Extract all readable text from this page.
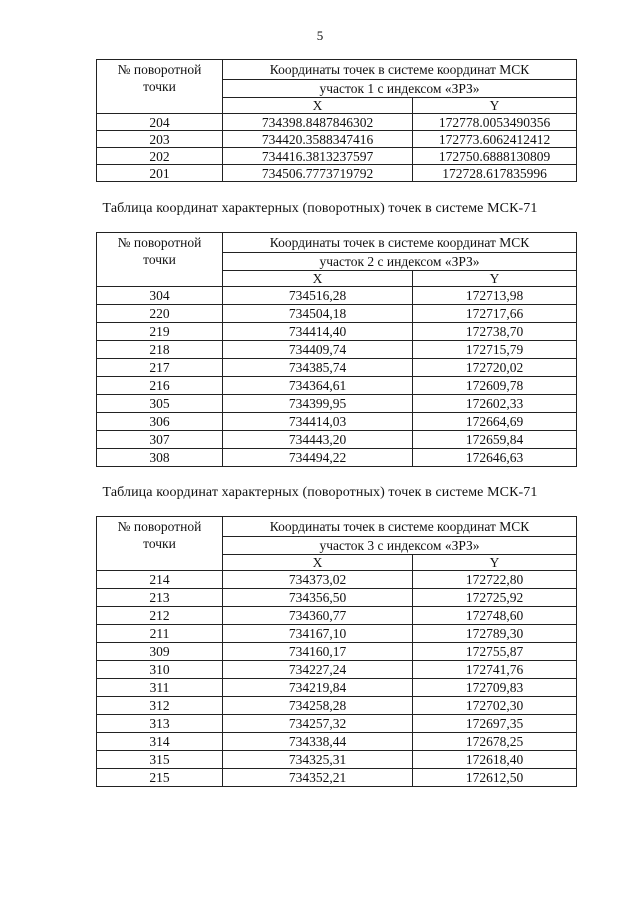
5
№ поворотной
точки	Координаты точек в системе координат МСК	
	участок 1 с индексом «ЗРЗ»	
	X	Y
204	734398.8487846302	172778.0053490356
203	734420.3588347416	172773.6062412412
202	734416.3813237597	172750.6888130809
201	734506.7773719792	172728.617835996
Таблица координат характерных (поворотных) точек в системе МСК-71
№ поворотной
точки	Координаты точек в системе координат МСК	
	участок 2 с индексом «ЗРЗ»	
	X	Y
304	734516,28	172713,98
220	734504,18	172717,66
219	734414,40	172738,70
218	734409,74	172715,79
217	734385,74	172720,02
216	734364,61	172609,78
305	734399,95	172602,33
306	734414,03	172664,69
307	734443,20	172659,84
308	734494,22	172646,63
Таблица координат характерных (поворотных) точек в системе МСК-71
№ поворотной
точки	Координаты точек в системе координат МСК	
	участок 3 с индексом «ЗРЗ»	
	X	Y
214	734373,02	172722,80
213	734356,50	172725,92
212	734360,77	172748,60
211	734167,10	172789,30
309	734160,17	172755,87
310	734227,24	172741,76
311	734219,84	172709,83
312	734258,28	172702,30
313	734257,32	172697,35
314	734338,44	172678,25
315	734325,31	172618,40
215	734352,21	172612,50
